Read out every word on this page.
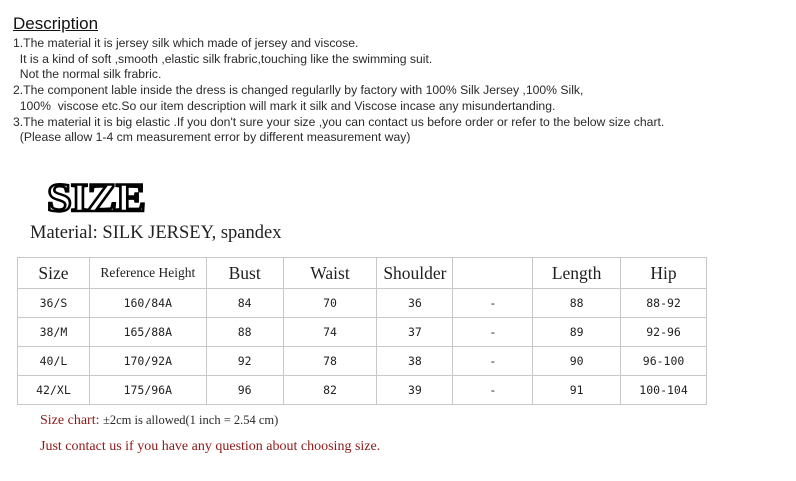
Description
1.The material it is jersey silk which made of jersey and viscose.
It is a kind of soft ,smooth ,elastic silk frabric,touching like the swimming suit.
Not the normal silk frabric.
2.The component lable inside the dress is changed regularlly by factory with 100% Silk Jersey ,100% Silk,
100%  viscose etc.So our item description will mark it silk and Viscose incase any misundertanding.
3.The material it is big elastic .If you don't sure your size ,you can contact us before order or refer to the below size chart.
(Please allow 1-4 cm measurement error by different measurement way)
SIZE
Material: SILK JERSEY, spandex
Size	Reference Height	Bust	Waist	Shoulder		Length	Hip
36/S	160/84A	84	70	36	-	88	88-92
38/M	165/88A	88	74	37	-	89	92-96
40/L	170/92A	92	78	38	-	90	96-100
42/XL	175/96A	96	82	39	-	91	100-104
Size chart: ±2cm is allowed(1 inch = 2.54 cm)
Just contact us if you have any question about choosing size.
